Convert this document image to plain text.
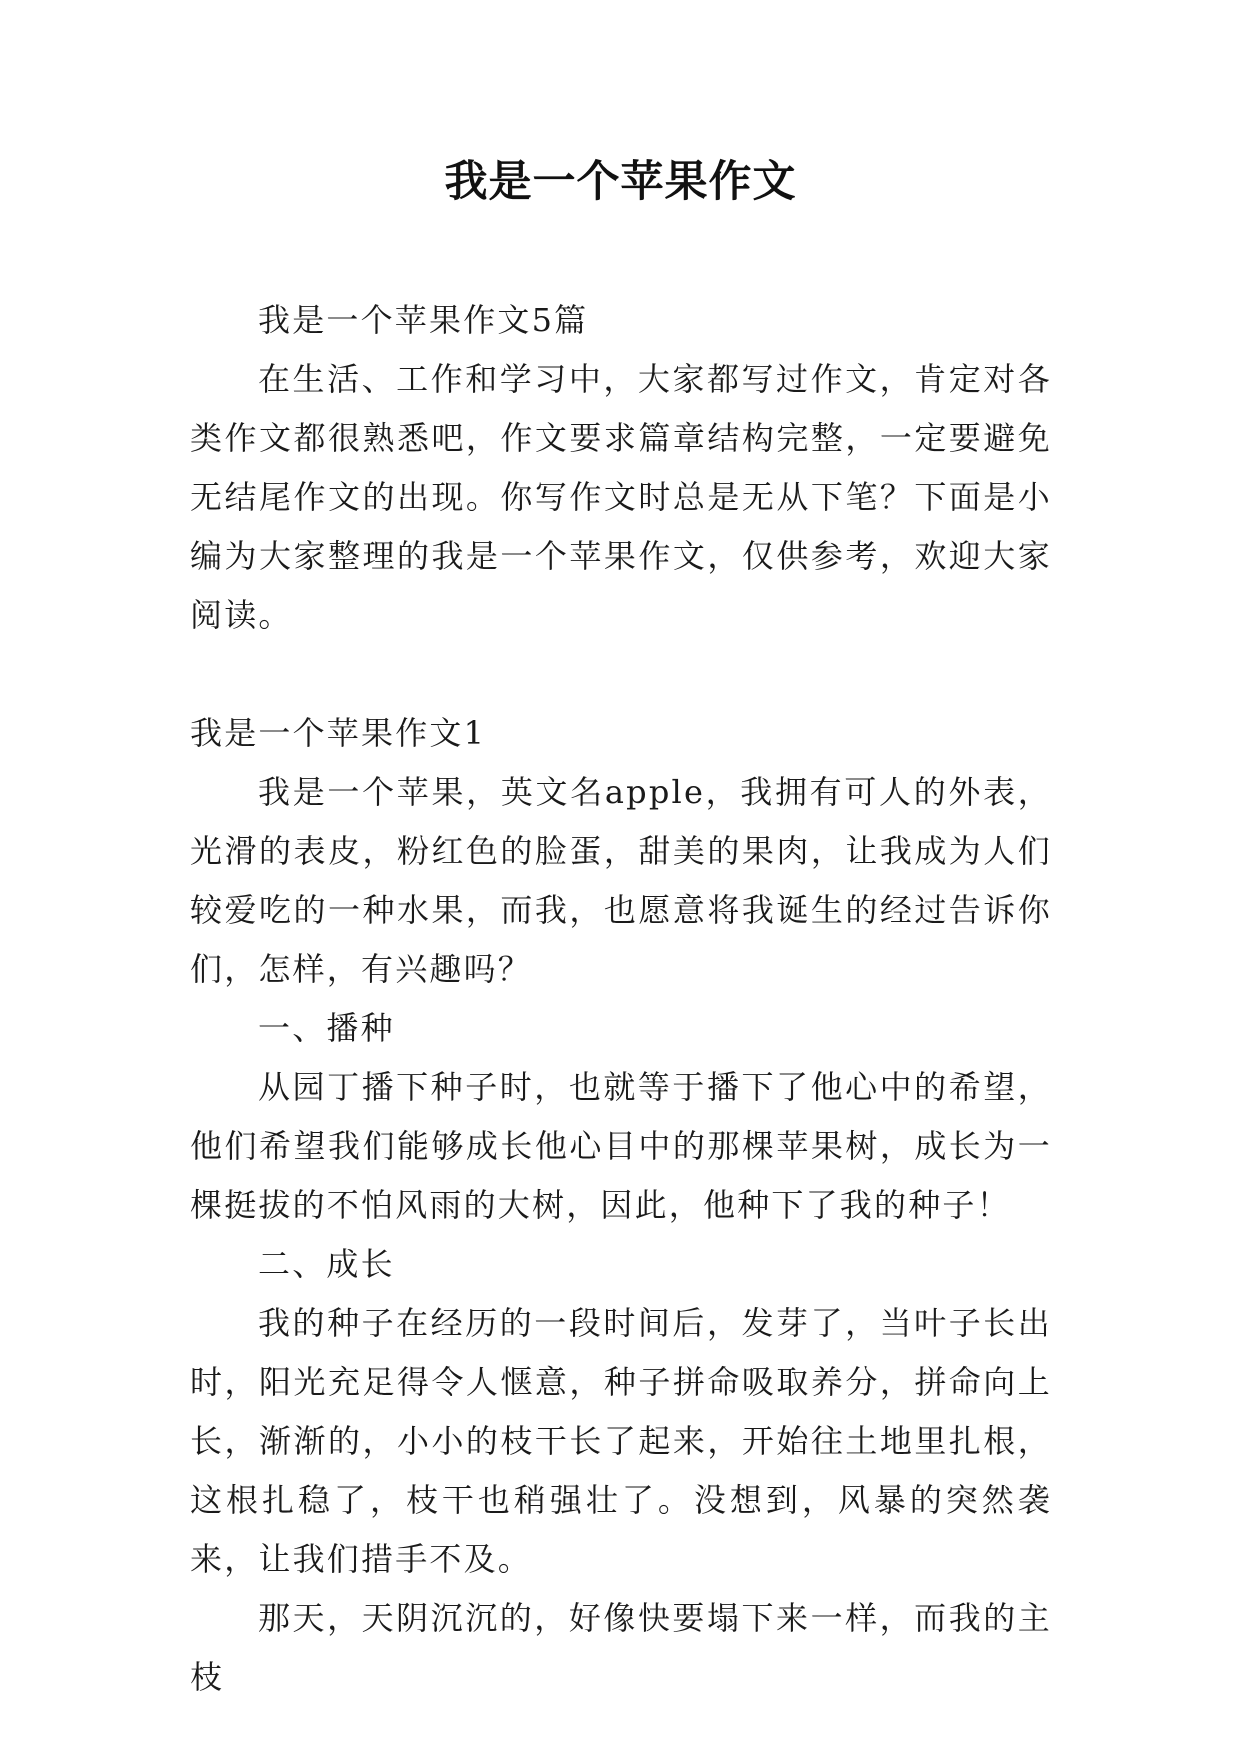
我是一个苹果作文

我是一个苹果作文5篇

在生活、工作和学习中，大家都写过作文，肯定对各类作文都很熟悉吧，作文要求篇章结构完整，一定要避免无结尾作文的出现。你写作文时总是无从下笔？下面是小编为大家整理的我是一个苹果作文，仅供参考，欢迎大家阅读。

我是一个苹果作文1

我是一个苹果，英文名apple，我拥有可人的外表，光滑的表皮，粉红色的脸蛋，甜美的果肉，让我成为人们较爱吃的一种水果，而我，也愿意将我诞生的经过告诉你们，怎样，有兴趣吗？

一、播种

从园丁播下种子时，也就等于播下了他心中的希望，他们希望我们能够成长他心目中的那棵苹果树，成长为一棵挺拔的不怕风雨的大树，因此，他种下了我的种子！

二、成长

我的种子在经历的一段时间后，发芽了，当叶子长出时，阳光充足得令人惬意，种子拼命吸取养分，拼命向上长，渐渐的，小小的枝干长了起来，开始往土地里扎根，这根扎稳了，枝干也稍强壮了。没想到，风暴的突然袭来，让我们措手不及。

那天，天阴沉沉的，好像快要塌下来一样，而我的主枝
